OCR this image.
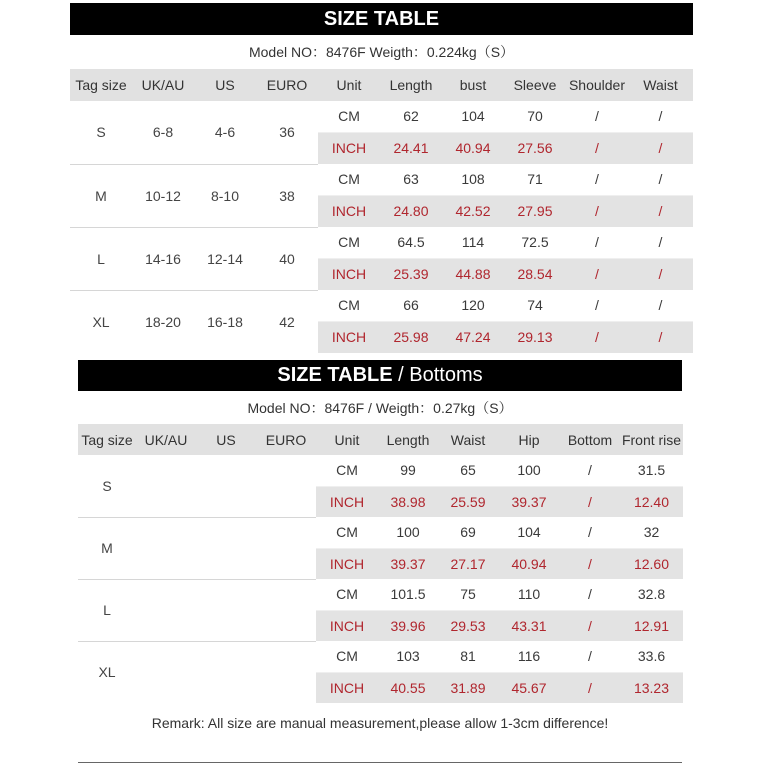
SIZE TABLE
Model NO：8476F Weigth：0.224kg（S）
Tag size	UK/AU	US	EURO	Unit	Length	bust	Sleeve	Shoulder	Waist
S	6-8	4-6	36	CM	62	104	70	/	/
				INCH	24.41	40.94	27.56	/	/
M	10-12	8-10	38	CM	63	108	71	/	/
				INCH	24.80	42.52	27.95	/	/
L	14-16	12-14	40	CM	64.5	114	72.5	/	/
				INCH	25.39	44.88	28.54	/	/
XL	18-20	16-18	42	CM	66	120	74	/	/
				INCH	25.98	47.24	29.13	/	/
SIZE TABLE / Bottoms
Model NO：8476F / Weigth：0.27kg（S）
Tag size	UK/AU	US	EURO	Unit	Length	Waist	Hip	Bottom	Front rise
S				CM	99	65	100	/	31.5
				INCH	38.98	25.59	39.37	/	12.40
M				CM	100	69	104	/	32
				INCH	39.37	27.17	40.94	/	12.60
L				CM	101.5	75	110	/	32.8
				INCH	39.96	29.53	43.31	/	12.91
XL				CM	103	81	116	/	33.6
				INCH	40.55	31.89	45.67	/	13.23
Remark: All size are manual measurement,please allow 1-3cm difference!
